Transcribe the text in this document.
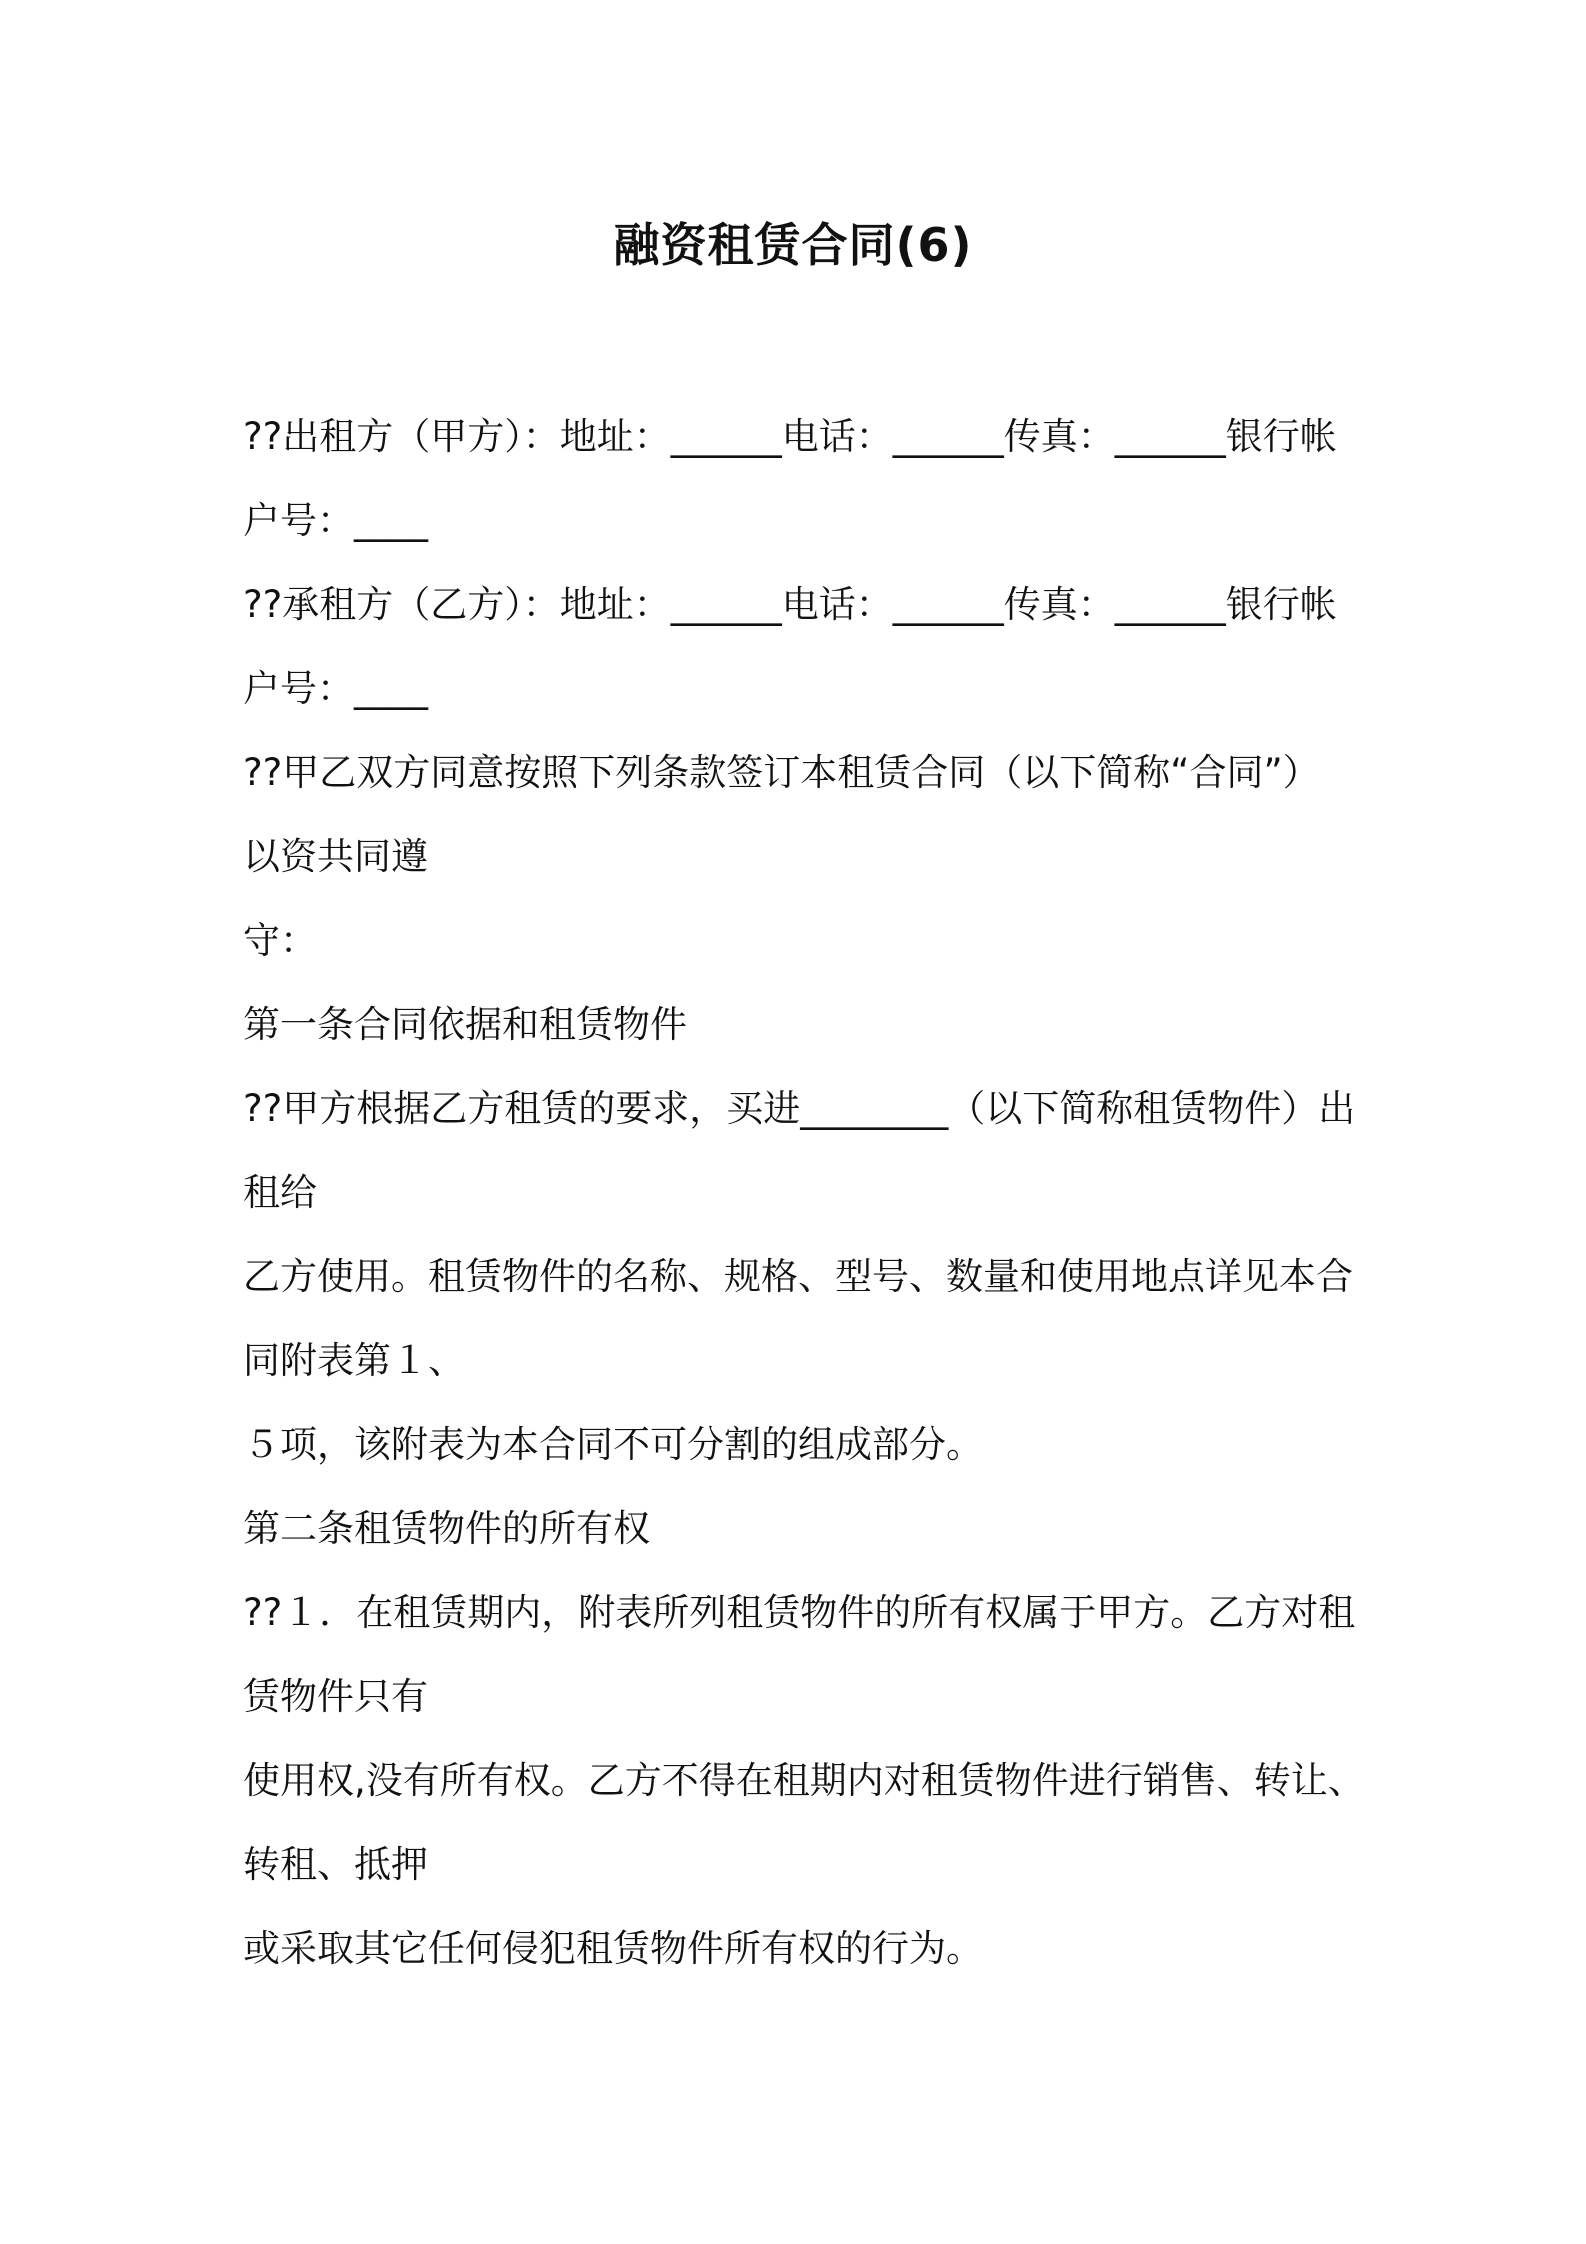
融资租赁合同(6)
??出租方（甲方）：地址：______电话：______传真：______银行帐
户号：____
??承租方（乙方）：地址：______电话：______传真：______银行帐
户号：____
??甲乙双方同意按照下列条款签订本租赁合同（以下简称“合同”）
以资共同遵
守：
第一条合同依据和租赁物件
??甲方根据乙方租赁的要求，买进________（以下简称租赁物件）出
租给
乙方使用。租赁物件的名称、规格、型号、数量和使用地点详见本合
同附表第１、
５项，该附表为本合同不可分割的组成部分。
第二条租赁物件的所有权
??１．在租赁期内，附表所列租赁物件的所有权属于甲方。乙方对租
赁物件只有
使用权,没有所有权。乙方不得在租期内对租赁物件进行销售、转让、
转租、抵押
或采取其它任何侵犯租赁物件所有权的行为。
